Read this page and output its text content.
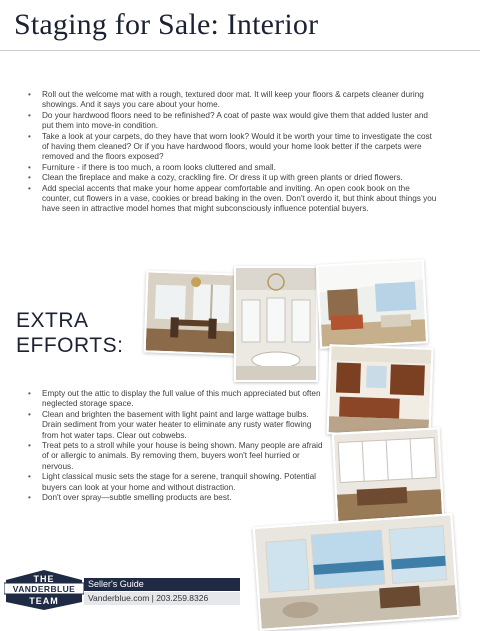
Staging for Sale: Interior
• Roll out the welcome mat with a rough, textured door mat. It will keep your floors & carpets cleaner during showings. And it says you care about your home.
• Do your hardwood floors need to be refinished? A coat of paste wax would give them that added luster and put them into move-in condition.
• Take a look at your carpets, do they have that worn look? Would it be worth your time to investigate the cost of having them cleaned? Or if you have hardwood floors, would your home look better if the carpets were removed and the floors exposed?
• Furniture - if there is too much, a room looks cluttered and small.
• Clean the fireplace and make a cozy, crackling fire. Or dress it up with green plants or dried flowers.
• Add special accents that make your home appear comfortable and inviting. An open cook book on the counter, cut flowers in a vase, cookies or bread baking in the oven. Don't overdo it, but think about things you have seen in attractive model homes that might subconsciously influence potential buyers.
EXTRA
EFFORTS:
• Empty out the attic to display the full value of this much appreciated but often neglected storage space.
• Clean and brighten the basement with light paint and large wattage bulbs. Drain sediment from your water heater to eliminate any rusty water flowing from hot water taps. Clear out cobwebs.
• Treat pets to a stroll while your house is being shown. Many people are afraid of or allergic to animals. By removing them, buyers won't feel hurried or nervous.
• Light classical music sets the stage for a serene, tranquil showing. Potential buyers can look at your home and without distraction.
• Don't over spray—subtle smelling products are best.
THE
VANDERBLUE
TEAM
Seller's Guide
Vanderblue.com | 203.259.8326
